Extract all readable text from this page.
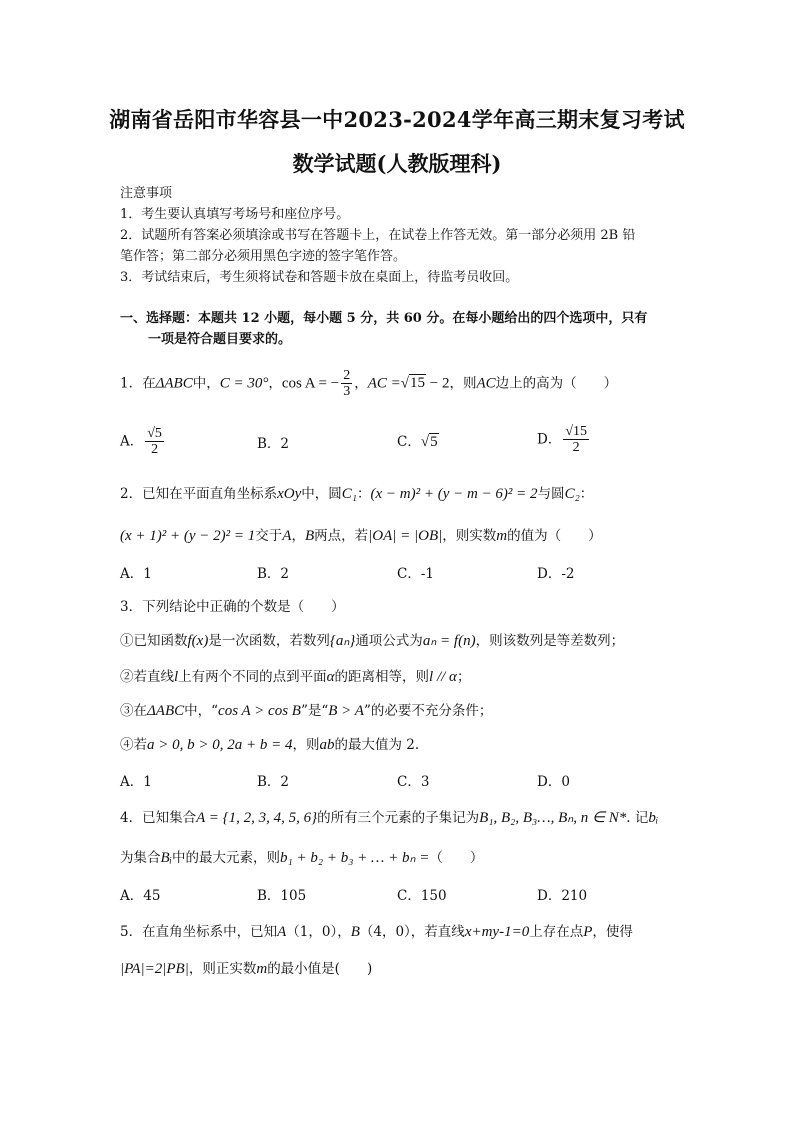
湖南省岳阳市华容县一中2023-2024学年高三期末复习考试
数学试题(人教版理科)
注意事项
1．考生要认真填写考场号和座位序号。
2．试题所有答案必须填涂或书写在答题卡上，在试卷上作答无效。第一部分必须用 2B 铅
笔作答；第二部分必须用黑色字迹的签字笔作答。
3．考试结束后，考生须将试卷和答题卡放在桌面上，待监考员收回。
一、选择题：本题共 12 小题，每小题 5 分，共 60 分。在每小题给出的四个选项中，只有
一项是符合题目要求的。
1．在ΔABC中，C = 30°，cos A = − $\frac{2}{3}$ ，AC =√15 − 2，则AC边上的高为（　　）
A． $\frac{√5}{2}$	B．2	C．√5	D． $\frac{√15}{2}$
2．已知在平面直角坐标系xOy中，圆C₁：(x − m)² + (y − m − 6)² = 2与圆C₂：
(x + 1)² + (y − 2)² = 1交于A，B两点，若|OA| = |OB|，则实数m的值为（　　）
A．1	B．2	C．-1	D．-2
3．下列结论中正确的个数是（　　）
①已知函数f(x)是一次函数，若数列{aₙ}通项公式为aₙ = f(n)，则该数列是等差数列；
②若直线l上有两个不同的点到平面α的距离相等，则l // α；
③在ΔABC中，“cos A > cos B”是“B > A”的必要不充分条件；
④若a > 0, b > 0, 2a + b = 4，则ab的最大值为 2.
A．1	B．2	C．3	D．0
4．已知集合A = {1, 2, 3, 4, 5, 6}的所有三个元素的子集记为B₁, B₂, B₃…, Bₙ, n ∈ N*. 记bᵢ
为集合Bᵢ中的最大元素，则b₁ + b₂ + b₃ + … + bₙ =（　　）
A．45	B．105	C．150	D．210
5．在直角坐标系中，已知A（1，0），B（4，0），若直线x+my-1=0上存在点P，使得
|PA|=2|PB|，则正实数m的最小值是(　　)
